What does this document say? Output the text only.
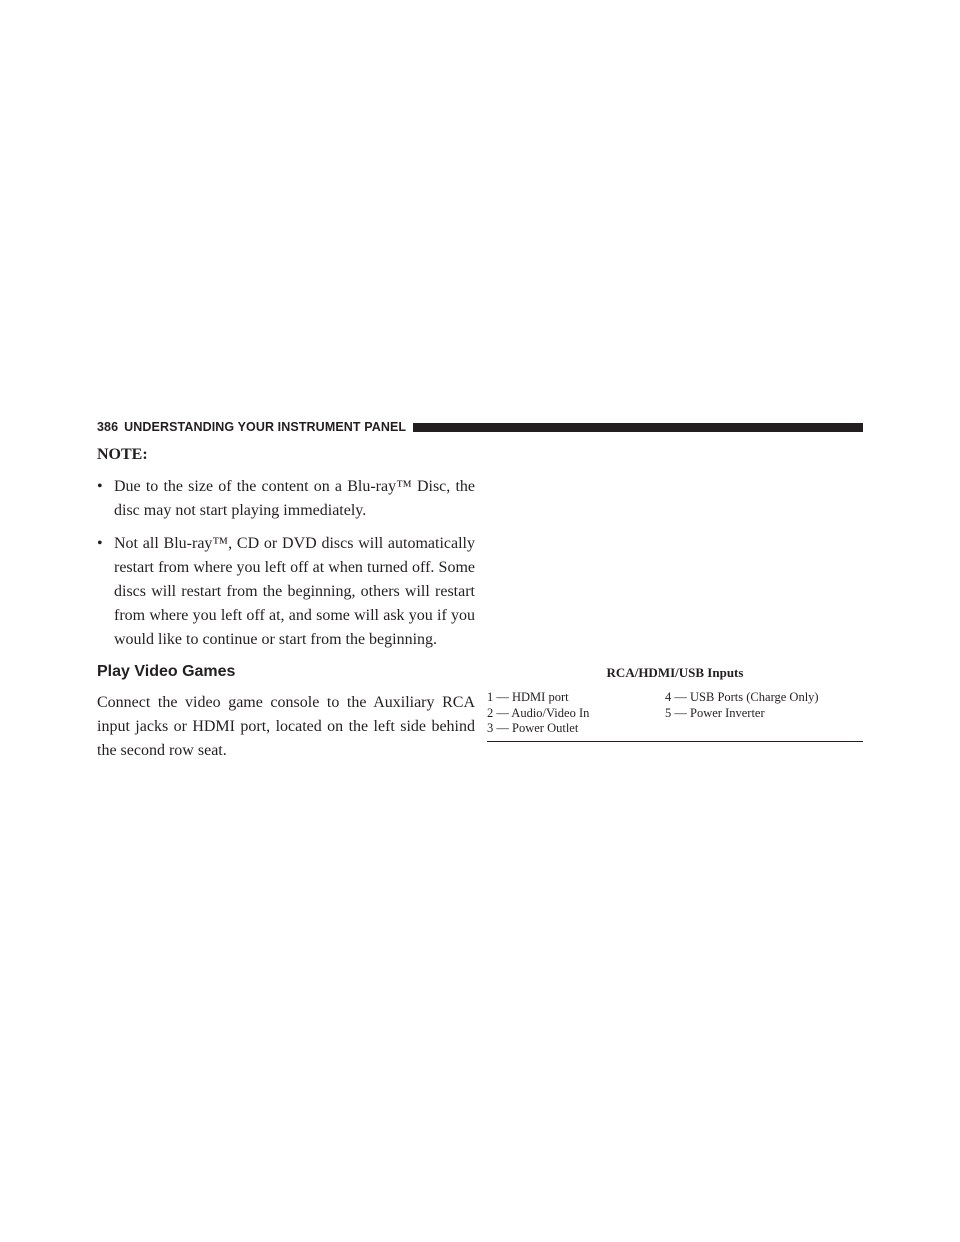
386 UNDERSTANDING YOUR INSTRUMENT PANEL
NOTE:
• Due to the size of the content on a Blu-ray™ Disc, the disc may not start playing immediately.
• Not all Blu-ray™, CD or DVD discs will automatically restart from where you left off at when turned off. Some discs will restart from the beginning, others will restart from where you left off at, and some will ask you if you would like to continue or start from the beginning.
Play Video Games

Connect the video game console to the Auxiliary RCA input jacks or HDMI port, located on the left side behind the second row seat.

RCA/HDMI/USB Inputs
1 — HDMI port	4 — USB Ports (Charge Only)
2 — Audio/Video In	5 — Power Inverter
3 — Power Outlet
